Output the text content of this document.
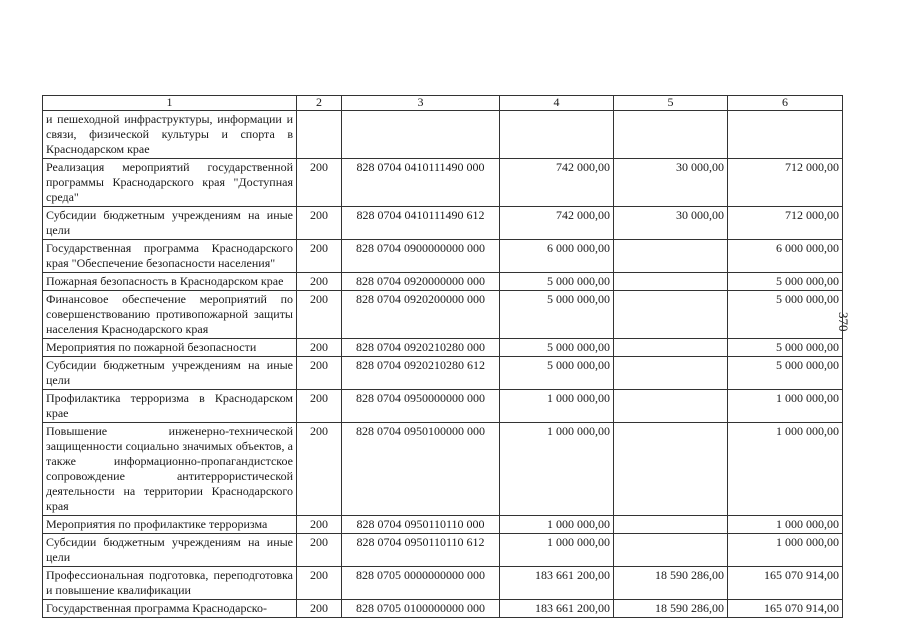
370
1	2	3	4	5	6
и пешеходной инфраструктуры, информации и связи, физической культуры и спорта в Краснодарском крае					
Реализация мероприятий государственной программы Краснодарского края "Доступная среда"	200	828 0704 0410111490 000	742 000,00	30 000,00	712 000,00
Субсидии бюджетным учреждениям на иные цели	200	828 0704 0410111490 612	742 000,00	30 000,00	712 000,00
Государственная программа Краснодарского края "Обеспечение безопасности населения"	200	828 0704 0900000000 000	6 000 000,00		6 000 000,00
Пожарная безопасность в Краснодарском крае	200	828 0704 0920000000 000	5 000 000,00		5 000 000,00
Финансовое обеспечение мероприятий по совершенствованию противопожарной защиты населения Краснодарского края	200	828 0704 0920200000 000	5 000 000,00		5 000 000,00
Мероприятия по пожарной безопасности	200	828 0704 0920210280 000	5 000 000,00		5 000 000,00
Субсидии бюджетным учреждениям на иные цели	200	828 0704 0920210280 612	5 000 000,00		5 000 000,00
Профилактика терроризма в Краснодарском крае	200	828 0704 0950000000 000	1 000 000,00		1 000 000,00
Повышение инженерно-технической защищенности социально значимых объектов, а также информационно-пропагандистское сопровождение антитеррористической деятельности на территории Краснодарского края	200	828 0704 0950100000 000	1 000 000,00		1 000 000,00
Мероприятия по профилактике терроризма	200	828 0704 0950110110 000	1 000 000,00		1 000 000,00
Субсидии бюджетным учреждениям на иные цели	200	828 0704 0950110110 612	1 000 000,00		1 000 000,00
Профессиональная подготовка, переподготовка и повышение квалификации	200	828 0705 0000000000 000	183 661 200,00	18 590 286,00	165 070 914,00
Государственная программа Краснодарско-	200	828 0705 0100000000 000	183 661 200,00	18 590 286,00	165 070 914,00
